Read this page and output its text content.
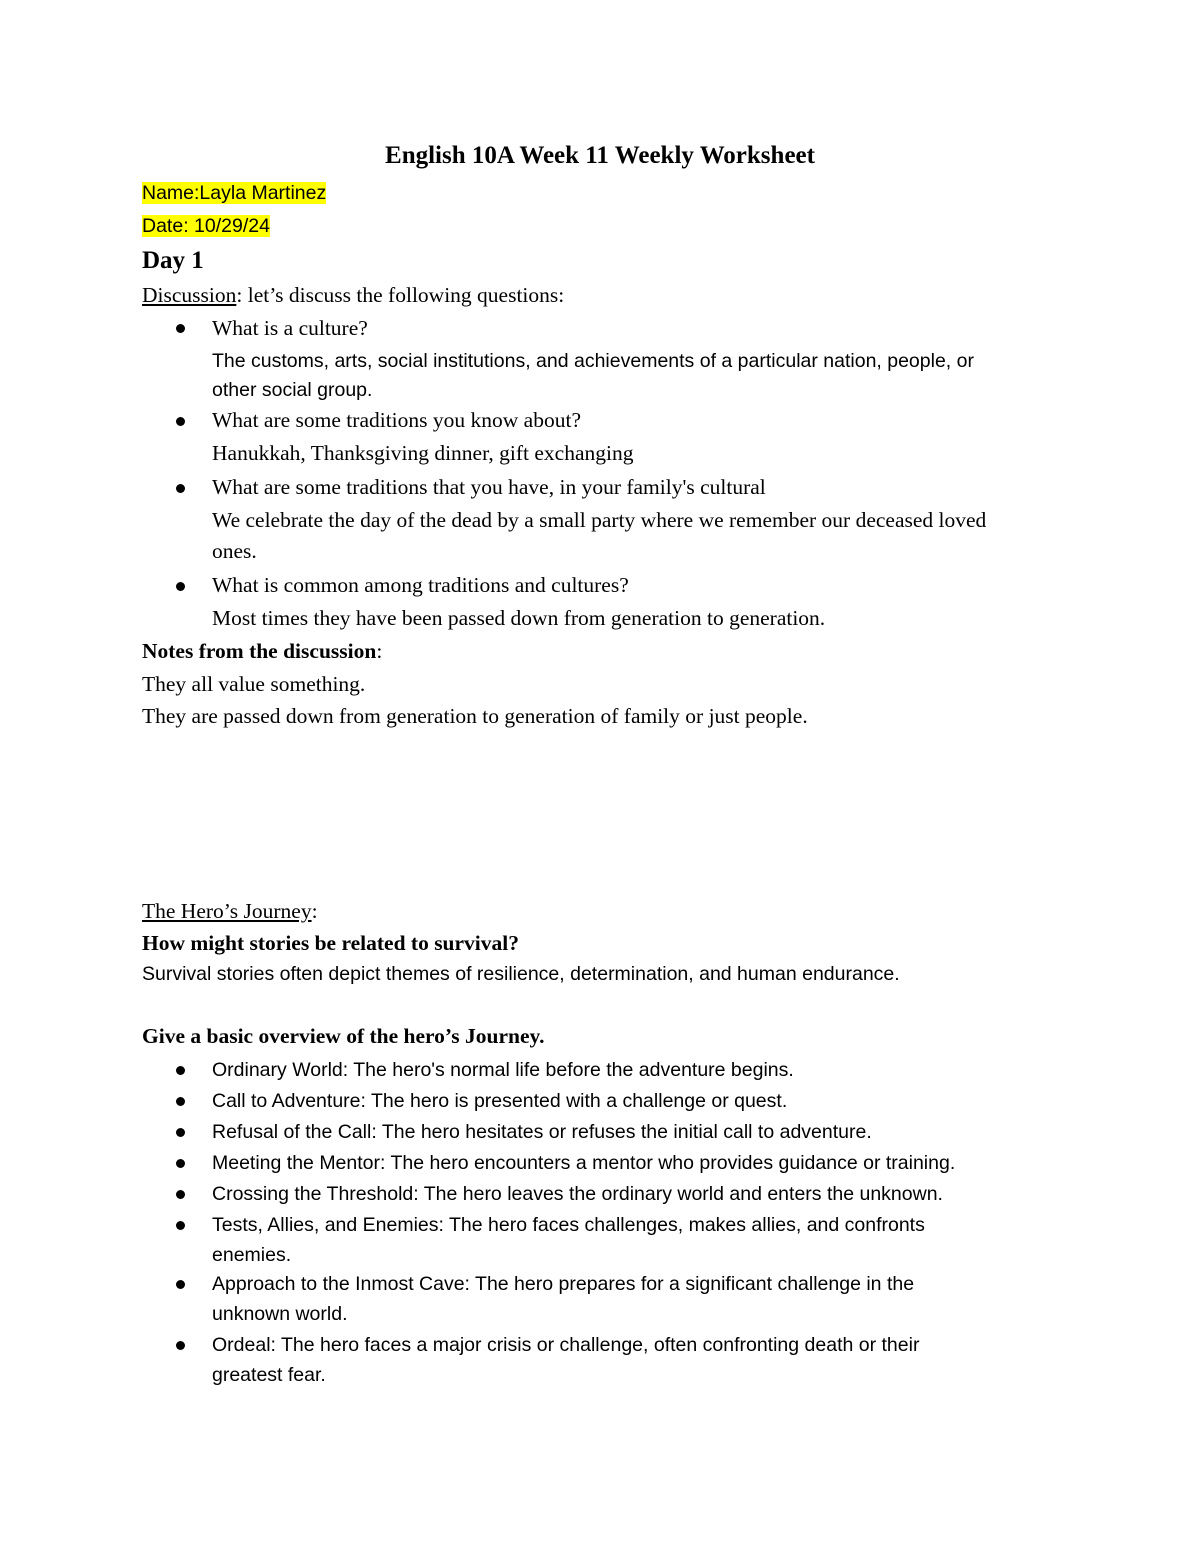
English 10A Week 11 Weekly Worksheet
Name:Layla Martinez
Date: 10/29/24
Day 1
Discussion: let’s discuss the following questions:
What is a culture?
The customs, arts, social institutions, and achievements of a particular nation, people, or
other social group.
What are some traditions you know about?
Hanukkah, Thanksgiving dinner, gift exchanging
What are some traditions that you have, in your family's cultural
We celebrate the day of the dead by a small party where we remember our deceased loved
ones.
What is common among traditions and cultures?
Most times they have been passed down from generation to generation.
Notes from the discussion:
They all value something.
They are passed down from generation to generation of family or just people.
The Hero’s Journey:
How might stories be related to survival?
Survival stories often depict themes of resilience, determination, and human endurance.
Give a basic overview of the hero’s Journey.
Ordinary World: The hero's normal life before the adventure begins.
Call to Adventure: The hero is presented with a challenge or quest.
Refusal of the Call: The hero hesitates or refuses the initial call to adventure.
Meeting the Mentor: The hero encounters a mentor who provides guidance or training.
Crossing the Threshold: The hero leaves the ordinary world and enters the unknown.
Tests, Allies, and Enemies: The hero faces challenges, makes allies, and confronts
enemies.
Approach to the Inmost Cave: The hero prepares for a significant challenge in the
unknown world.
Ordeal: The hero faces a major crisis or challenge, often confronting death or their
greatest fear.
